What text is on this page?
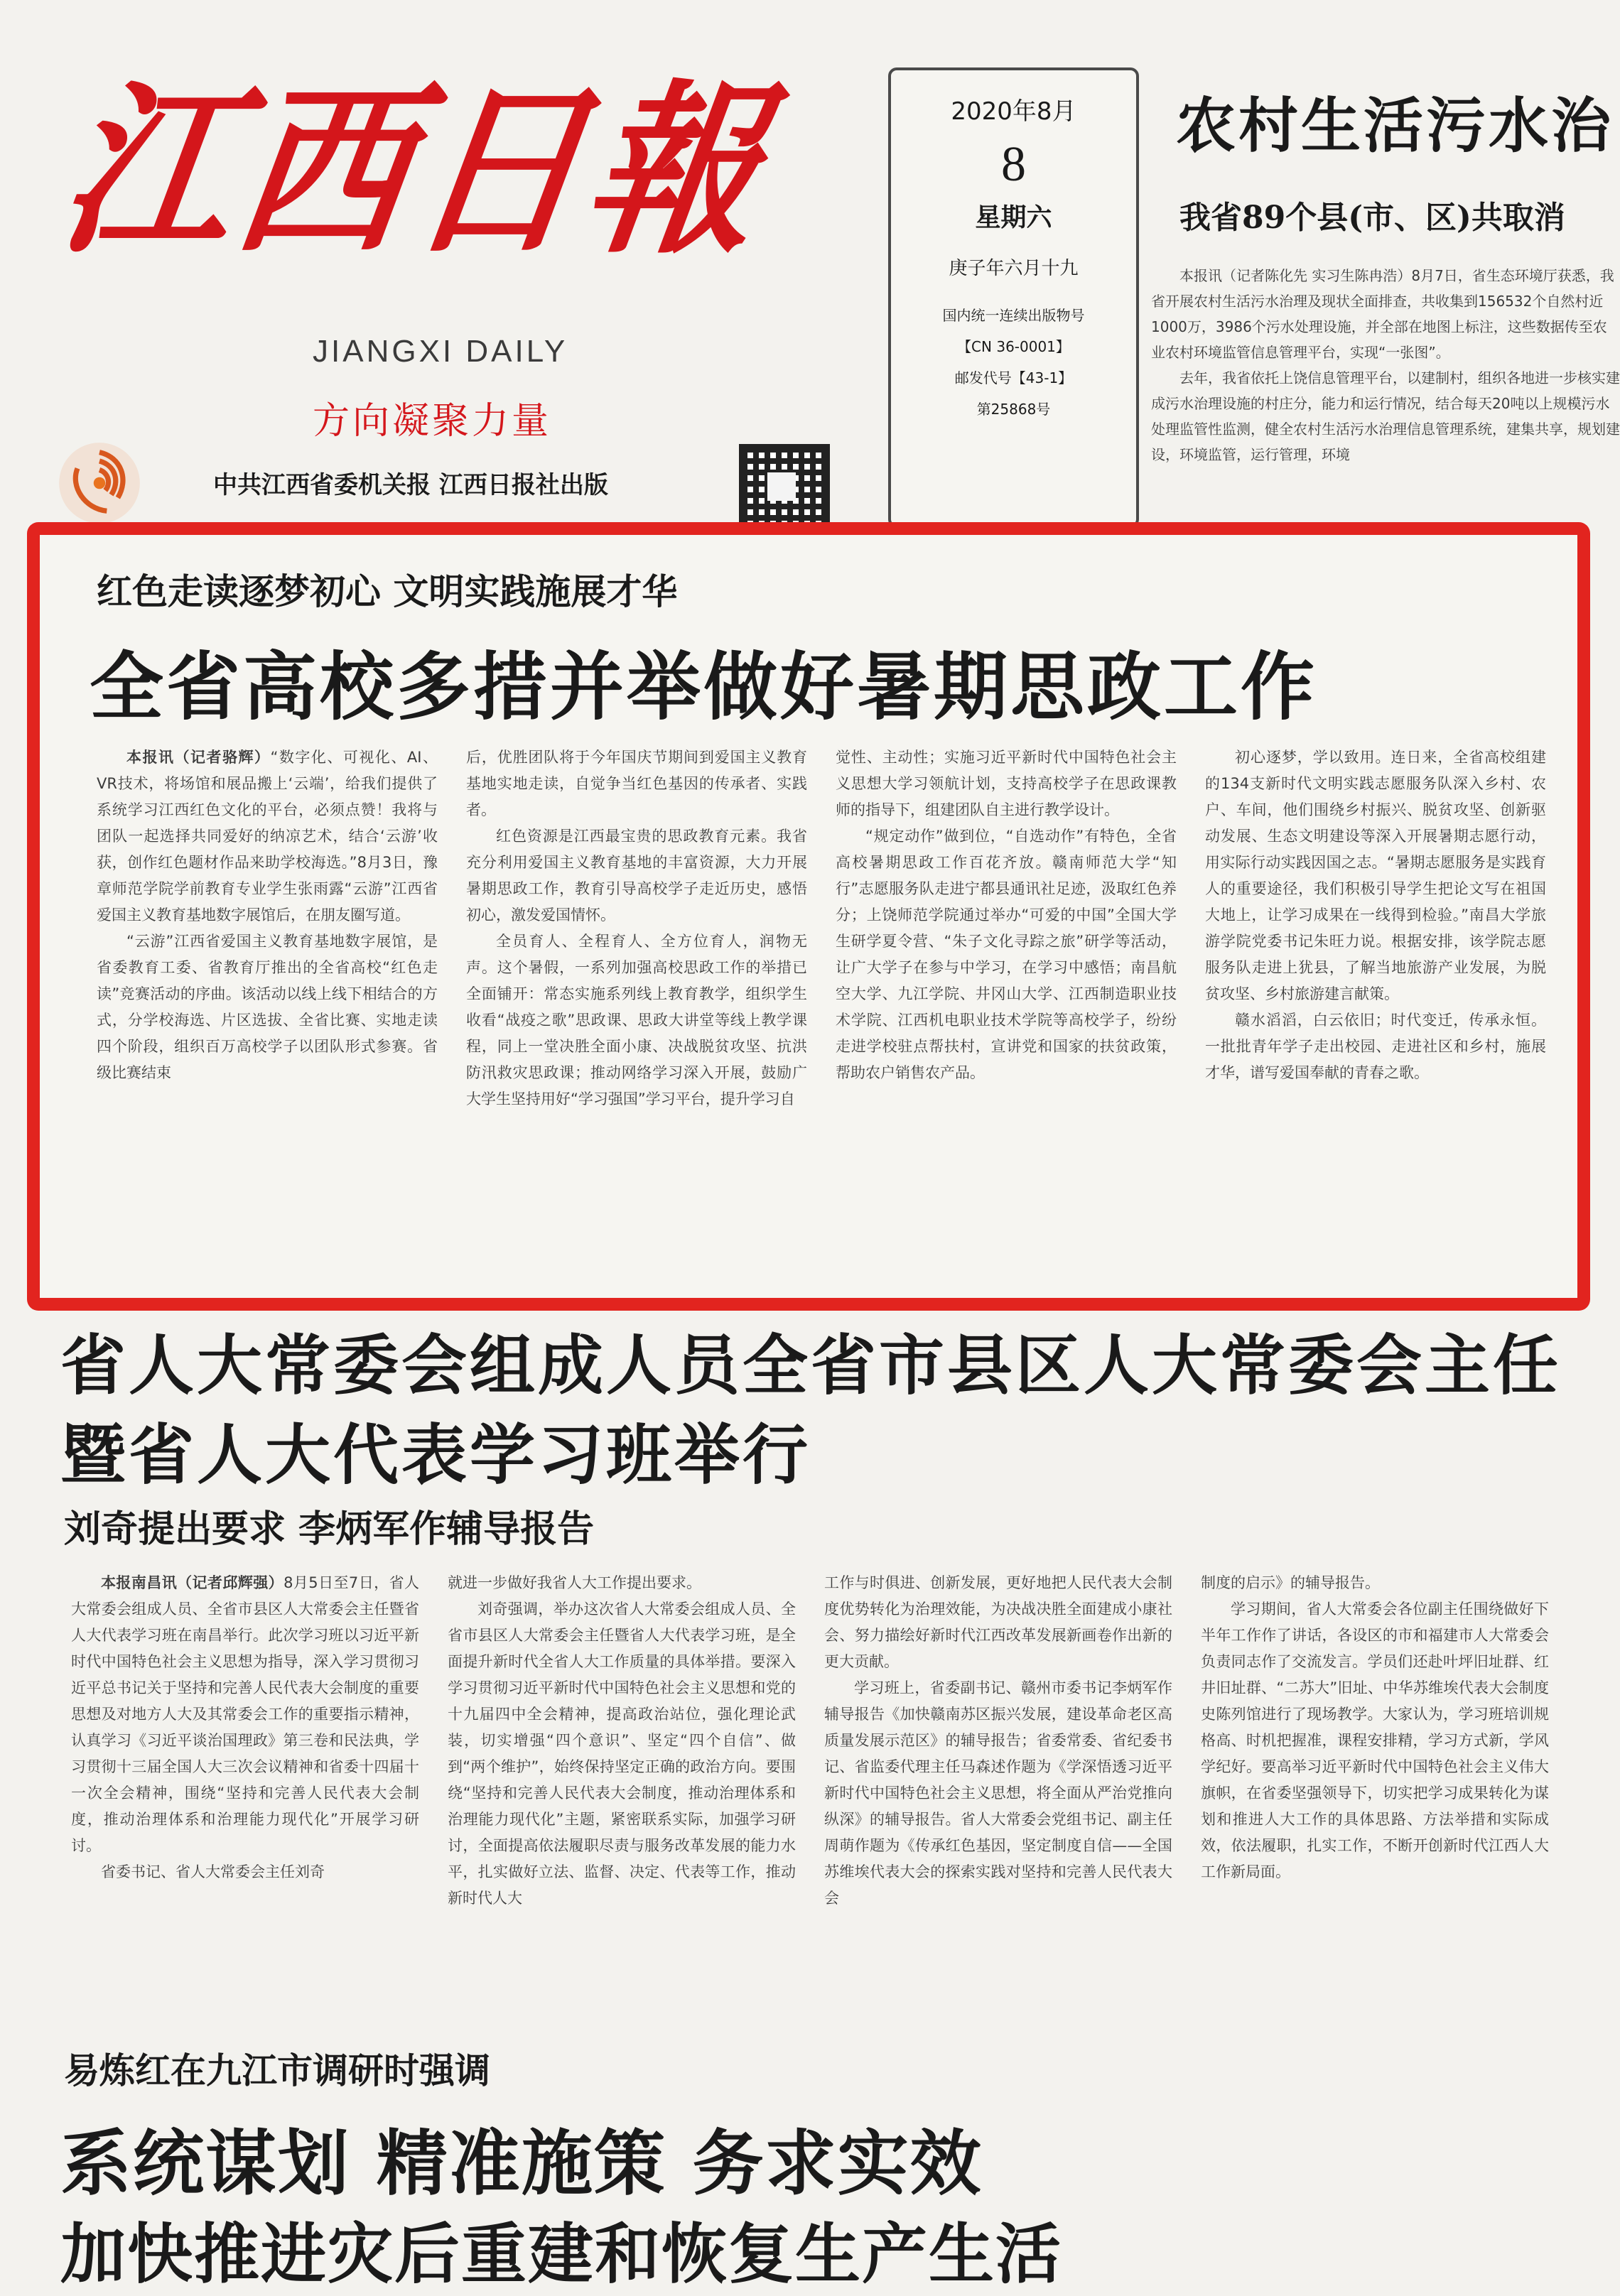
江西日報
JIANGXI DAILY
方向凝聚力量
中共江西省委机关报 江西日报社出版
2020年8月
8
星期六
庚子年六月十九
国内统一连续出版物号
【CN 36-0001】
邮发代号【43-1】
第25868号
农村生活污水治
我省89个县(市、区)共取消

本报讯（记者陈化先 实习生陈冉浩）8月7日，省生态环境厅获悉，我省开展农村生活污水治理及现状全面排查，共收集到156532个自然村近1000万，3986个污水处理设施，并全部在地图上标注，这些数据传至农业农村环境监管信息管理平台，实现“一张图”。

去年，我省依托上饶信息管理平台，以建制村，组织各地进一步核实建成污水治理设施的村庄分，能力和运行情况，结合每天20吨以上规模污水处理监管性监测，健全农村生活污水治理信息管理系统，建集共享，规划建设，环境监管，运行管理，环境

红色走读逐梦初心 文明实践施展才华
全省高校多措并举做好暑期思政工作

本报讯（记者骆辉）“数字化、可视化、AI、VR技术，将场馆和展品搬上‘云端’，给我们提供了系统学习江西红色文化的平台，必须点赞！我将与团队一起选择共同爱好的纳凉艺术，结合‘云游’收获，创作红色题材作品来助学校海选。”8月3日，豫章师范学院学前教育专业学生张雨露“云游”江西省爱国主义教育基地数字展馆后，在朋友圈写道。

“云游”江西省爱国主义教育基地数字展馆，是省委教育工委、省教育厅推出的全省高校“红色走读”竞赛活动的序曲。该活动以线上线下相结合的方式，分学校海选、片区选拔、全省比赛、实地走读四个阶段，组织百万高校学子以团队形式参赛。省级比赛结束

后，优胜团队将于今年国庆节期间到爱国主义教育基地实地走读，自觉争当红色基因的传承者、实践者。

红色资源是江西最宝贵的思政教育元素。我省充分利用爱国主义教育基地的丰富资源，大力开展暑期思政工作，教育引导高校学子走近历史，感悟初心，激发爱国情怀。

全员育人、全程育人、全方位育人，润物无声。这个暑假，一系列加强高校思政工作的举措已全面铺开：常态实施系列线上教育教学，组织学生收看“战疫之歌”思政课、思政大讲堂等线上教学课程，同上一堂决胜全面小康、决战脱贫攻坚、抗洪防汛救灾思政课；推动网络学习深入开展，鼓励广大学生坚持用好“学习强国”学习平台，提升学习自

觉性、主动性；实施习近平新时代中国特色社会主义思想大学习领航计划，支持高校学子在思政课教师的指导下，组建团队自主进行教学设计。

“规定动作”做到位，“自选动作”有特色，全省高校暑期思政工作百花齐放。赣南师范大学“知行”志愿服务队走进宁都县通讯社足迹，汲取红色养分；上饶师范学院通过举办“可爱的中国”全国大学生研学夏令营、“朱子文化寻踪之旅”研学等活动，让广大学子在参与中学习，在学习中感悟；南昌航空大学、九江学院、井冈山大学、江西制造职业技术学院、江西机电职业技术学院等高校学子，纷纷走进学校驻点帮扶村，宣讲党和国家的扶贫政策，帮助农户销售农产品。

初心逐梦，学以致用。连日来，全省高校组建的134支新时代文明实践志愿服务队深入乡村、农户、车间，他们围绕乡村振兴、脱贫攻坚、创新驱动发展、生态文明建设等深入开展暑期志愿行动，用实际行动实践因国之志。“暑期志愿服务是实践育人的重要途径，我们积极引导学生把论文写在祖国大地上，让学习成果在一线得到检验。”南昌大学旅游学院党委书记朱旺力说。根据安排，该学院志愿服务队走进上犹县，了解当地旅游产业发展，为脱贫攻坚、乡村旅游建言献策。

赣水滔滔，白云依旧；时代变迁，传承永恒。一批批青年学子走出校园、走进社区和乡村，施展才华，谱写爱国奉献的青春之歌。

省人大常委会组成人员全省市县区人大常委会主任暨省人大代表学习班举行
刘奇提出要求 李炳军作辅导报告

本报南昌讯（记者邱辉强）8月5日至7日，省人大常委会组成人员、全省市县区人大常委会主任暨省人大代表学习班在南昌举行。此次学习班以习近平新时代中国特色社会主义思想为指导，深入学习贯彻习近平总书记关于坚持和完善人民代表大会制度的重要思想及对地方人大及其常委会工作的重要指示精神，认真学习《习近平谈治国理政》第三卷和民法典，学习贯彻十三届全国人大三次会议精神和省委十四届十一次全会精神，围绕“坚持和完善人民代表大会制度，推动治理体系和治理能力现代化”开展学习研讨。

省委书记、省人大常委会主任刘奇

就进一步做好我省人大工作提出要求。

刘奇强调，举办这次省人大常委会组成人员、全省市县区人大常委会主任暨省人大代表学习班，是全面提升新时代全省人大工作质量的具体举措。要深入学习贯彻习近平新时代中国特色社会主义思想和党的十九届四中全会精神，提高政治站位，强化理论武装，切实增强“四个意识”、坚定“四个自信”、做到“两个维护”，始终保持坚定正确的政治方向。要围绕“坚持和完善人民代表大会制度，推动治理体系和治理能力现代化”主题，紧密联系实际，加强学习研讨，全面提高依法履职尽责与服务改革发展的能力水平，扎实做好立法、监督、决定、代表等工作，推动新时代人大

工作与时俱进、创新发展，更好地把人民代表大会制度优势转化为治理效能，为决战决胜全面建成小康社会、努力描绘好新时代江西改革发展新画卷作出新的更大贡献。

学习班上，省委副书记、赣州市委书记李炳军作辅导报告《加快赣南苏区振兴发展，建设革命老区高质量发展示范区》的辅导报告；省委常委、省纪委书记、省监委代理主任马森述作题为《学深悟透习近平新时代中国特色社会主义思想，将全面从严治党推向纵深》的辅导报告。省人大常委会党组书记、副主任周萌作题为《传承红色基因，坚定制度自信——全国苏维埃代表大会的探索实践对坚持和完善人民代表大会

制度的启示》的辅导报告。

学习期间，省人大常委会各位副主任围绕做好下半年工作作了讲话，各设区的市和福建市人大常委会负责同志作了交流发言。学员们还赴叶坪旧址群、红井旧址群、“二苏大”旧址、中华苏维埃代表大会制度史陈列馆进行了现场教学。大家认为，学习班培训规格高、时机把握准，课程安排精，学习方式新，学风学纪好。要高举习近平新时代中国特色社会主义伟大旗帜，在省委坚强领导下，切实把学习成果转化为谋划和推进人大工作的具体思路、方法举措和实际成效，依法履职，扎实工作，不断开创新时代江西人大工作新局面。

易炼红在九江市调研时强调
系统谋划 精准施策 务求实效
加快推进灾后重建和恢复生产生活
